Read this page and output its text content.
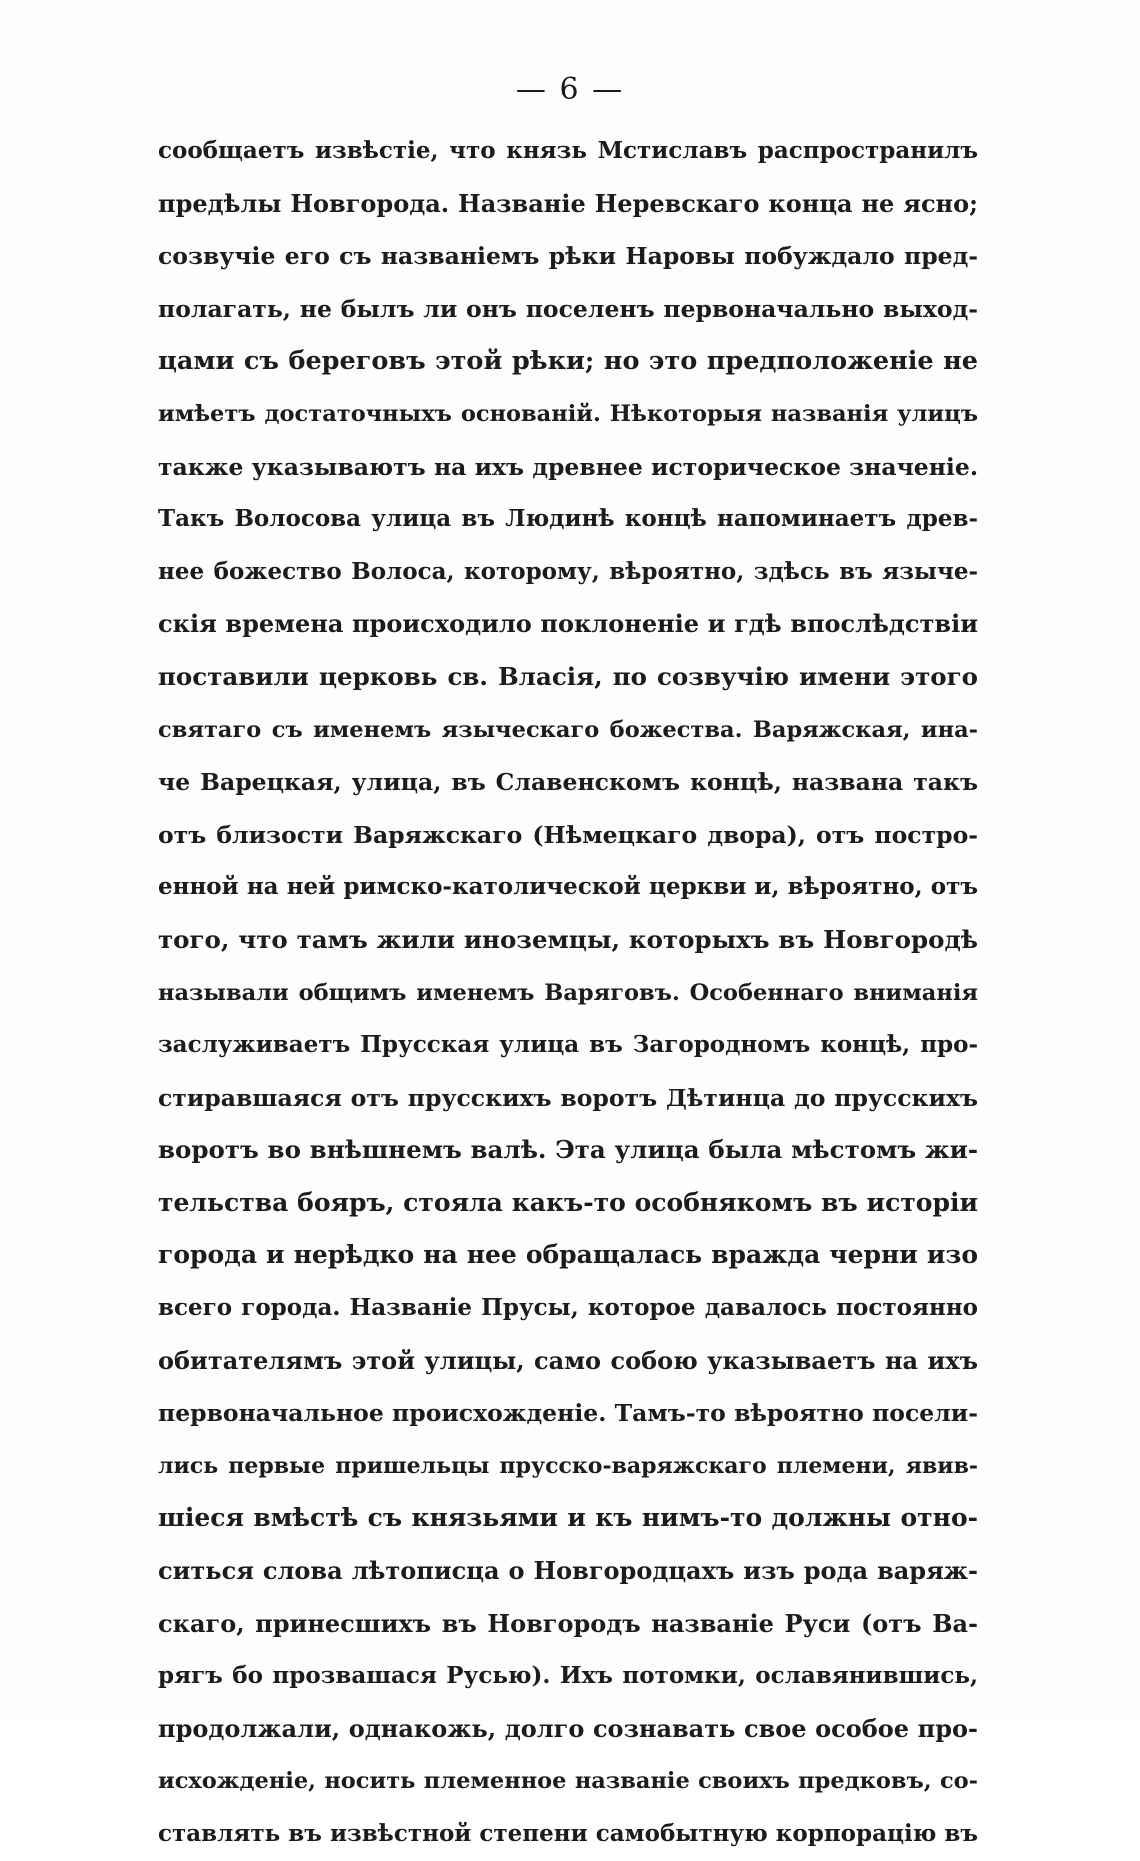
— 6 —
сообщаетъ извѣстіе, что князь Мстиславъ распространилъ
предѣлы Новгорода. Названіе Неревскаго конца не ясно;
созвучіе его съ названіемъ рѣки Наровы побуждало пред-
полагать, не былъ ли онъ поселенъ первоначально выход-
цами съ береговъ этой рѣки; но это предположеніе не
имѣетъ достаточныхъ основаній. Нѣкоторыя названія улицъ
также указываютъ на ихъ древнее историческое значеніе.
Такъ Волосова улица въ Людинѣ концѣ напоминаетъ древ-
нее божество Волоса, которому, вѣроятно, здѣсь въ языче-
скія времена происходило поклоненіе и гдѣ впослѣдствіи
поставили церковь св. Власія, по созвучію имени этого
святаго съ именемъ языческаго божества. Варяжская, ина-
че Варецкая, улица, въ Славенскомъ концѣ, названа такъ
отъ близости Варяжскаго (Нѣмецкаго двора), отъ постро-
енной на ней римско-католической церкви и, вѣроятно, отъ
того, что тамъ жили иноземцы, которыхъ въ Новгородѣ
называли общимъ именемъ Варяговъ. Особеннаго вниманія
заслуживаетъ Прусская улица въ Загородномъ концѣ, про-
стиравшаяся отъ прусскихъ воротъ Дѣтинца до прусскихъ
воротъ во внѣшнемъ валѣ. Эта улица была мѣстомъ жи-
тельства бояръ, стояла какъ-то особнякомъ въ исторіи
города и нерѣдко на нее обращалась вражда черни изо
всего города. Названіе Прусы, которое давалось постоянно
обитателямъ этой улицы, само собою указываетъ на ихъ
первоначальное происхожденіе. Тамъ-то вѣроятно посели-
лись первые пришельцы прусско-варяжскаго племени, явив-
шіеся вмѣстѣ съ князьями и къ нимъ-то должны отно-
ситься слова лѣтописца о Новгородцахъ изъ рода варяж-
скаго, принесшихъ въ Новгородъ названіе Руси (отъ Ва-
рягъ бо прозвашася Русью). Ихъ потомки, ославянившись,
продолжали, однакожь, долго сознавать свое особое про-
исхожденіе, носить племенное названіе своихъ предковъ, со-
ставлять въ извѣстной степени самобытную корпорацію въ
